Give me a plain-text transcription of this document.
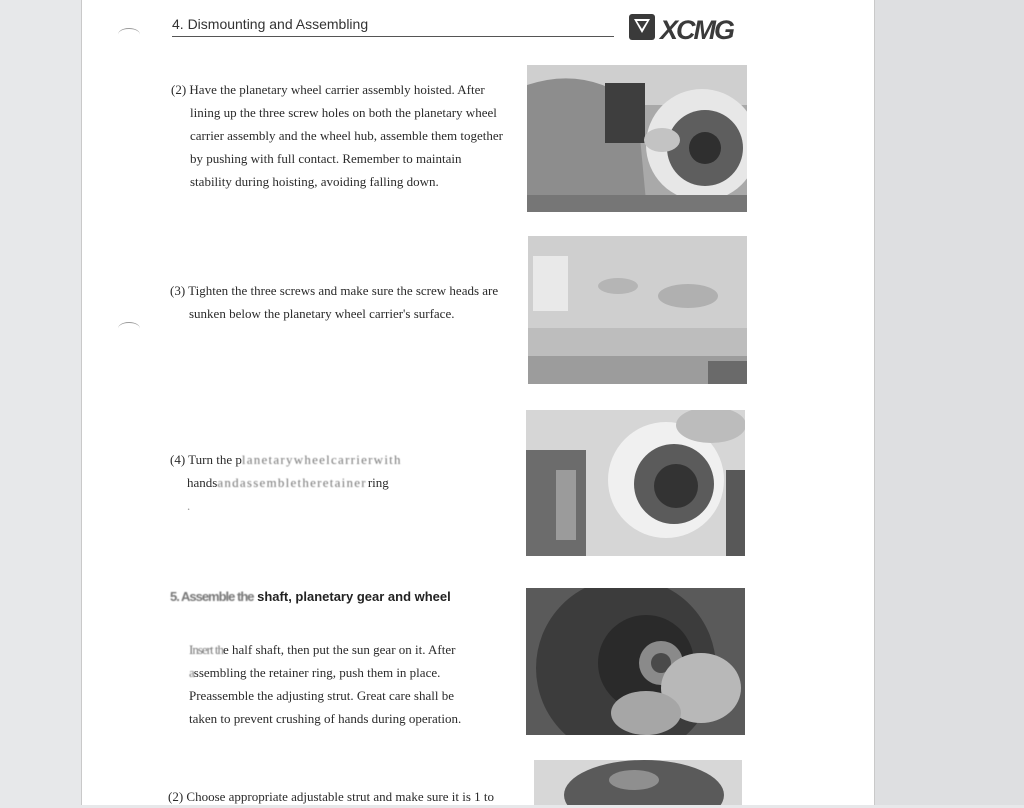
4. Dismounting and Assembling	XCMG
(2) Have the planetary wheel carrier assembly hoisted. After

lining up the three screw holes on both the planetary wheel
carrier assembly and the wheel hub, assemble them together
by pushing with full contact. Remember to maintain
stability during hoisting, avoiding falling down.
(3) Tighten the three screws and make sure the screw heads are

sunken below the planetary wheel carrier's surface.
(4) Turn the pl a n e t a r y w h e e l c a r r i e r w i t h
handsa n d a s s e m b l e t h e r e t a i n e r ring
.
5. Assemble the shaft, planetary gear and wheel
Insert the half shaft, then put the sun gear on it. After
assembling the retainer ring, push them in place.
Preassemble the adjusting strut. Great care shall be
taken to prevent crushing of hands during operation.
(2) Choose appropriate adjustable strut and make sure it is 1 to
